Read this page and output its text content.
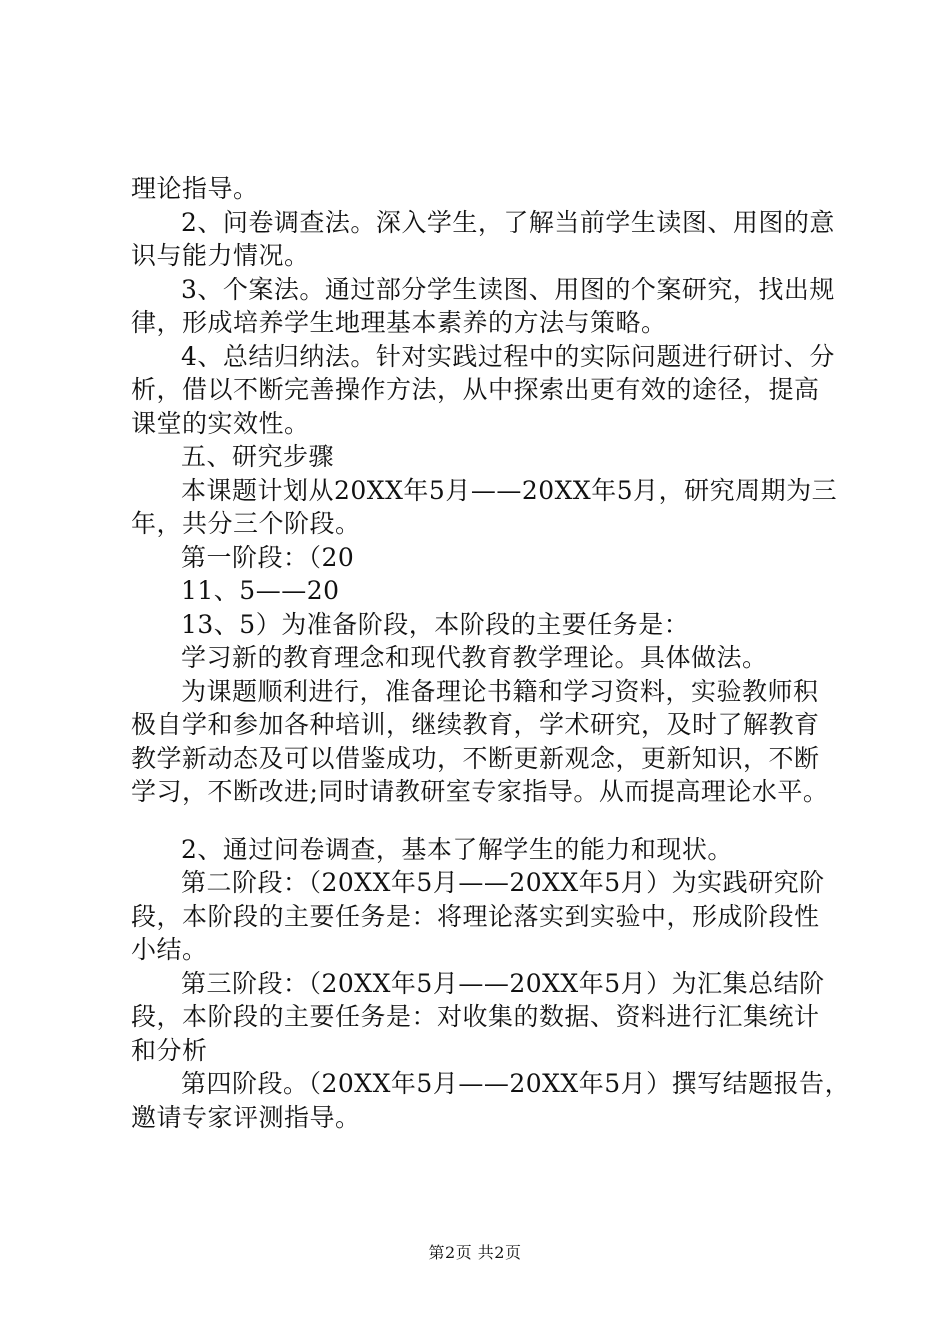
理论指导。
2、问卷调查法。深入学生，了解当前学生读图、用图的意
识与能力情况。
3、个案法。通过部分学生读图、用图的个案研究，找出规
律，形成培养学生地理基本素养的方法与策略。
4、总结归纳法。针对实践过程中的实际问题进行研讨、分
析，借以不断完善操作方法，从中探索出更有效的途径，提高
课堂的实效性。
五、研究步骤
本课题计划从20XX年5月——20XX年5月，研究周期为三
年，共分三个阶段。
第一阶段：（20
11、5——20
13、5）为准备阶段，本阶段的主要任务是：
学习新的教育理念和现代教育教学理论。具体做法。
为课题顺利进行，准备理论书籍和学习资料，实验教师积
极自学和参加各种培训，继续教育，学术研究，及时了解教育
教学新动态及可以借鉴成功，不断更新观念，更新知识，不断
学习，不断改进;同时请教研室专家指导。从而提高理论水平。
2、通过问卷调查，基本了解学生的能力和现状。
第二阶段：（20XX年5月——20XX年5月）为实践研究阶
段，本阶段的主要任务是：将理论落实到实验中，形成阶段性
小结。
第三阶段：（20XX年5月——20XX年5月）为汇集总结阶
段，本阶段的主要任务是：对收集的数据、资料进行汇集统计
和分析
第四阶段。（20XX年5月——20XX年5月）撰写结题报告，
邀请专家评测指导。
第2页 共2页
